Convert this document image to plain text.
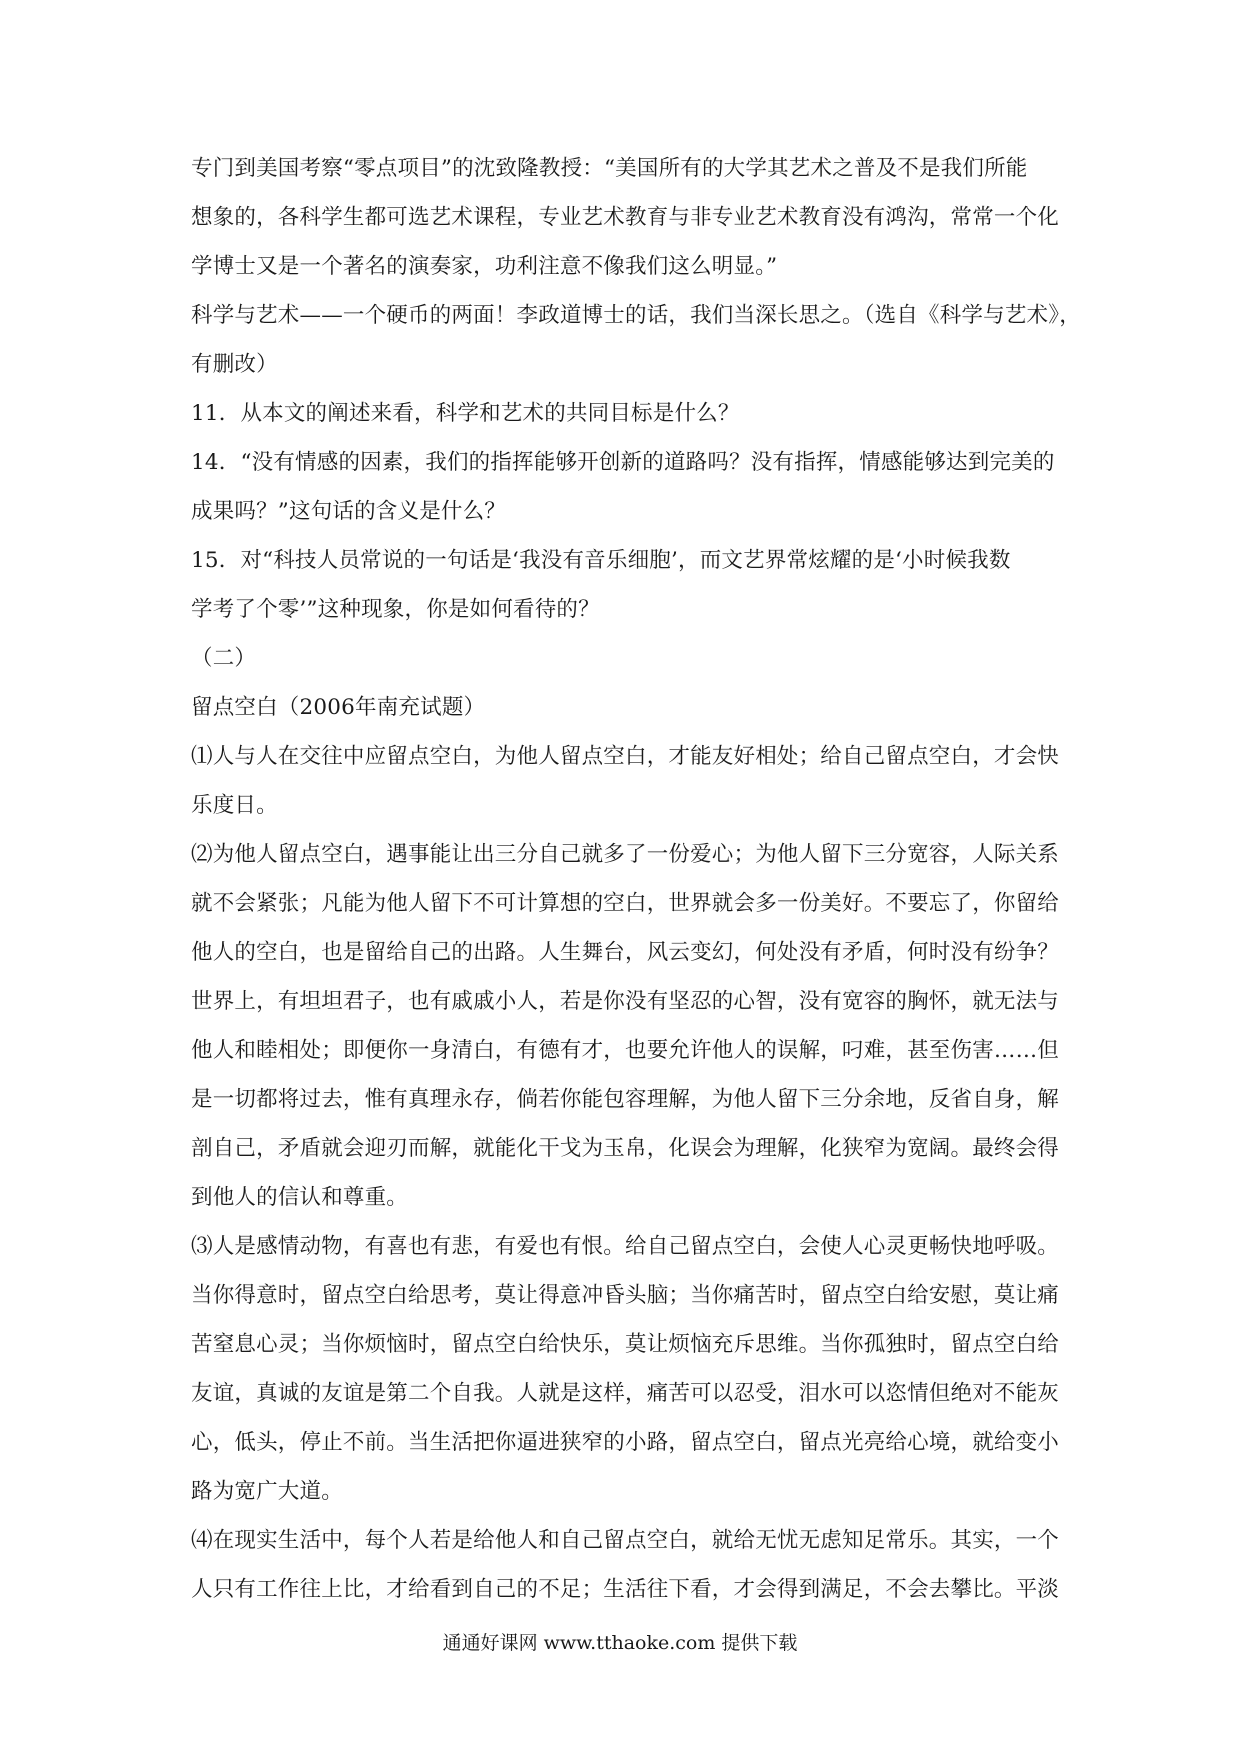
专门到美国考察“零点项目”的沈致隆教授：“美国所有的大学其艺术之普及不是我们所能
想象的，各科学生都可选艺术课程，专业艺术教育与非专业艺术教育没有鸿沟，常常一个化
学博士又是一个著名的演奏家，功利注意不像我们这么明显。”
科学与艺术——一个硬币的两面！李政道博士的话，我们当深长思之。（选自《科学与艺术》，
有删改）
11．从本文的阐述来看，科学和艺术的共同目标是什么？
14．“没有情感的因素，我们的指挥能够开创新的道路吗？没有指挥，情感能够达到完美的
成果吗？”这句话的含义是什么？
15．对“科技人员常说的一句话是‘我没有音乐细胞’，而文艺界常炫耀的是‘小时候我数
学考了个零’”这种现象，你是如何看待的？
（二）
留点空白（2006年南充试题）
⑴人与人在交往中应留点空白，为他人留点空白，才能友好相处；给自己留点空白，才会快
乐度日。
⑵为他人留点空白，遇事能让出三分自己就多了一份爱心；为他人留下三分宽容，人际关系
就不会紧张；凡能为他人留下不可计算想的空白，世界就会多一份美好。不要忘了，你留给
他人的空白，也是留给自己的出路。人生舞台，风云变幻，何处没有矛盾，何时没有纷争？
世界上，有坦坦君子，也有戚戚小人，若是你没有坚忍的心智，没有宽容的胸怀，就无法与
他人和睦相处；即便你一身清白，有德有才，也要允许他人的误解，叼难，甚至伤害……但
是一切都将过去，惟有真理永存，倘若你能包容理解，为他人留下三分余地，反省自身，解
剖自己，矛盾就会迎刃而解，就能化干戈为玉帛，化误会为理解，化狭窄为宽阔。最终会得
到他人的信认和尊重。
⑶人是感情动物，有喜也有悲，有爱也有恨。给自己留点空白，会使人心灵更畅快地呼吸。
当你得意时，留点空白给思考，莫让得意冲昏头脑；当你痛苦时，留点空白给安慰，莫让痛
苦窒息心灵；当你烦恼时，留点空白给快乐，莫让烦恼充斥思维。当你孤独时，留点空白给
友谊，真诚的友谊是第二个自我。人就是这样，痛苦可以忍受，泪水可以恣情但绝对不能灰
心，低头，停止不前。当生活把你逼进狭窄的小路，留点空白，留点光亮给心境，就给变小
路为宽广大道。
⑷在现实生活中，每个人若是给他人和自己留点空白，就给无忧无虑知足常乐。其实，一个
人只有工作往上比，才给看到自己的不足；生活往下看，才会得到满足，不会去攀比。平淡
通通好课网 www.tthaoke.com 提供下载
